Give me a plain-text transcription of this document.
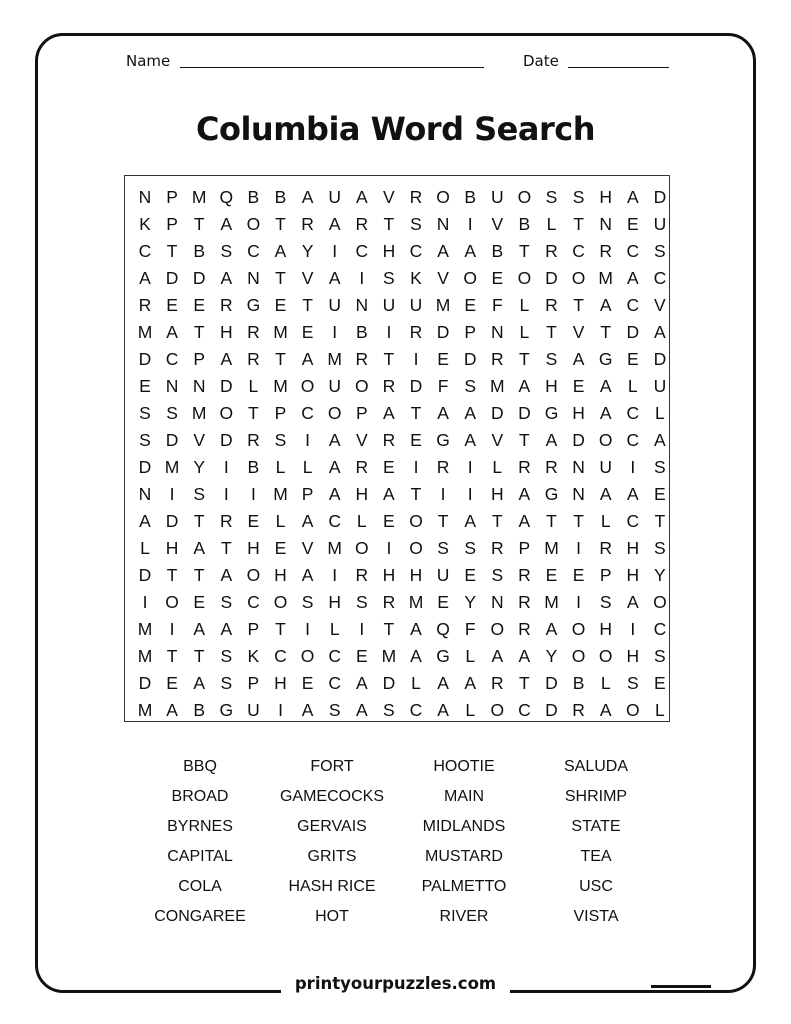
Name	Date
Columbia Word Search
N P M Q B B A U A V R O B U O S S H A D
K P T A O T R A R T S N	I	V B L T N E U
C T B S C A Y	I	C H C A A B T R C R C S
A D D A N T V A	I	S K V O E O D O M A C
R E E R G E T U N U U M E F L R T A C V
M A T H R M E	I	B	I	R D P N L T V T D A
D C P A R T A M R T	I	E D R T S A G E D
E N N D L M O U O R D F S M A H E A L U
S S M O T P C O P A T A A D D G H A C L
S D V D R S	I	A V R E G A V T A D O C A
D M Y	I	B L L A R E	I	R	I	L R R N U	I	S
N	I	S	I	I M P A H A T	I	I	H A G N A A E
A D T R E L A C L E O T A T A T T L C T
L H A T H E V M O	I	O S S R P M I	R H S
D T T A O H A	I	R H H U E S R E E P H Y
I	O E S C O S H S R M E Y N R M I	S A O
M I	A A P T	I	L	I	T A Q F O R A O H	I	C
M T T S K C O C E M A G L A A Y O O H S
D E A S P H E C A D L A A R T D B L S E
M A B G U	I	A S A S C A L O C D R A O L
BBQ	FORT	HOOTIE	SALUDA
BROAD	GAMECOCKS	MAIN	SHRIMP
BYRNES	GERVAIS	MIDLANDS	STATE
CAPITAL	GRITS	MUSTARD	TEA
COLA	HASH RICE	PALMETTO	USC
CONGAREE	HOT	RIVER	VISTA
printyourpuzzles.com
